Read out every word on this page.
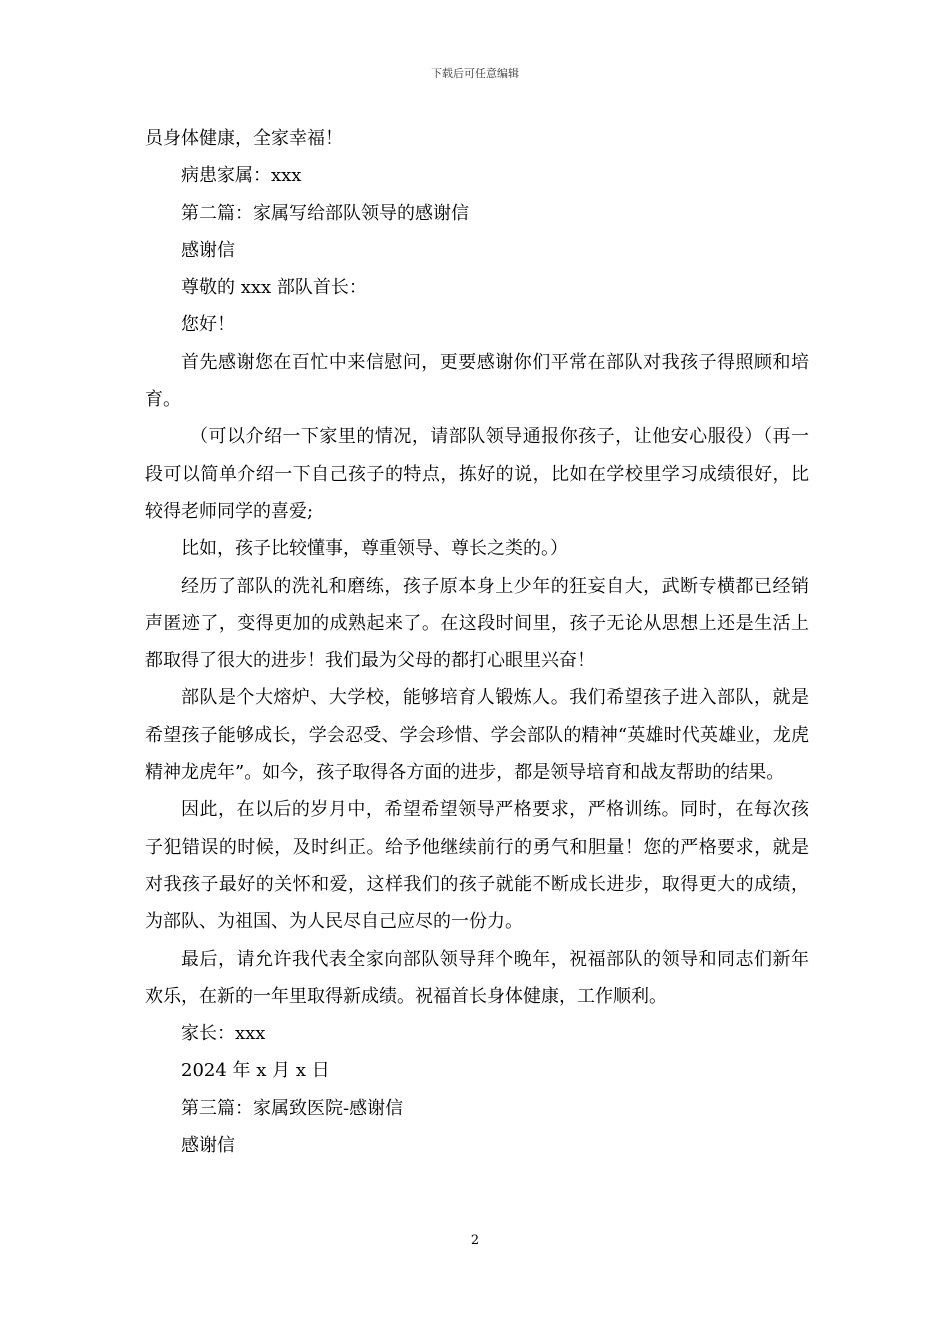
下载后可任意编辑

员身体健康，全家幸福！

病患家属：xxx

第二篇：家属写给部队领导的感谢信

感谢信

尊敬的 xxx 部队首长：

您好！

首先感谢您在百忙中来信慰问，更要感谢你们平常在部队对我孩子得照顾和培育。

（可以介绍一下家里的情况，请部队领导通报你孩子，让他安心服役）（再一段可以简单介绍一下自己孩子的特点，拣好的说，比如在学校里学习成绩很好，比较得老师同学的喜爱;

比如，孩子比较懂事，尊重领导、尊长之类的。）

经历了部队的洗礼和磨练，孩子原本身上少年的狂妄自大，武断专横都已经销声匿迹了，变得更加的成熟起来了。在这段时间里，孩子无论从思想上还是生活上都取得了很大的进步！我们最为父母的都打心眼里兴奋！

部队是个大熔炉、大学校，能够培育人锻炼人。我们希望孩子进入部队，就是希望孩子能够成长，学会忍受、学会珍惜、学会部队的精神“英雄时代英雄业，龙虎精神龙虎年”。如今，孩子取得各方面的进步，都是领导培育和战友帮助的结果。

因此，在以后的岁月中，希望希望领导严格要求，严格训练。同时，在每次孩子犯错误的时候，及时纠正。给予他继续前行的勇气和胆量！您的严格要求，就是对我孩子最好的关怀和爱，这样我们的孩子就能不断成长进步，取得更大的成绩，为部队、为祖国、为人民尽自己应尽的一份力。

最后，请允许我代表全家向部队领导拜个晚年，祝福部队的领导和同志们新年欢乐，在新的一年里取得新成绩。祝福首长身体健康，工作顺利。

家长：xxx

2024 年 x 月 x 日

第三篇：家属致医院-感谢信

感谢信

2
